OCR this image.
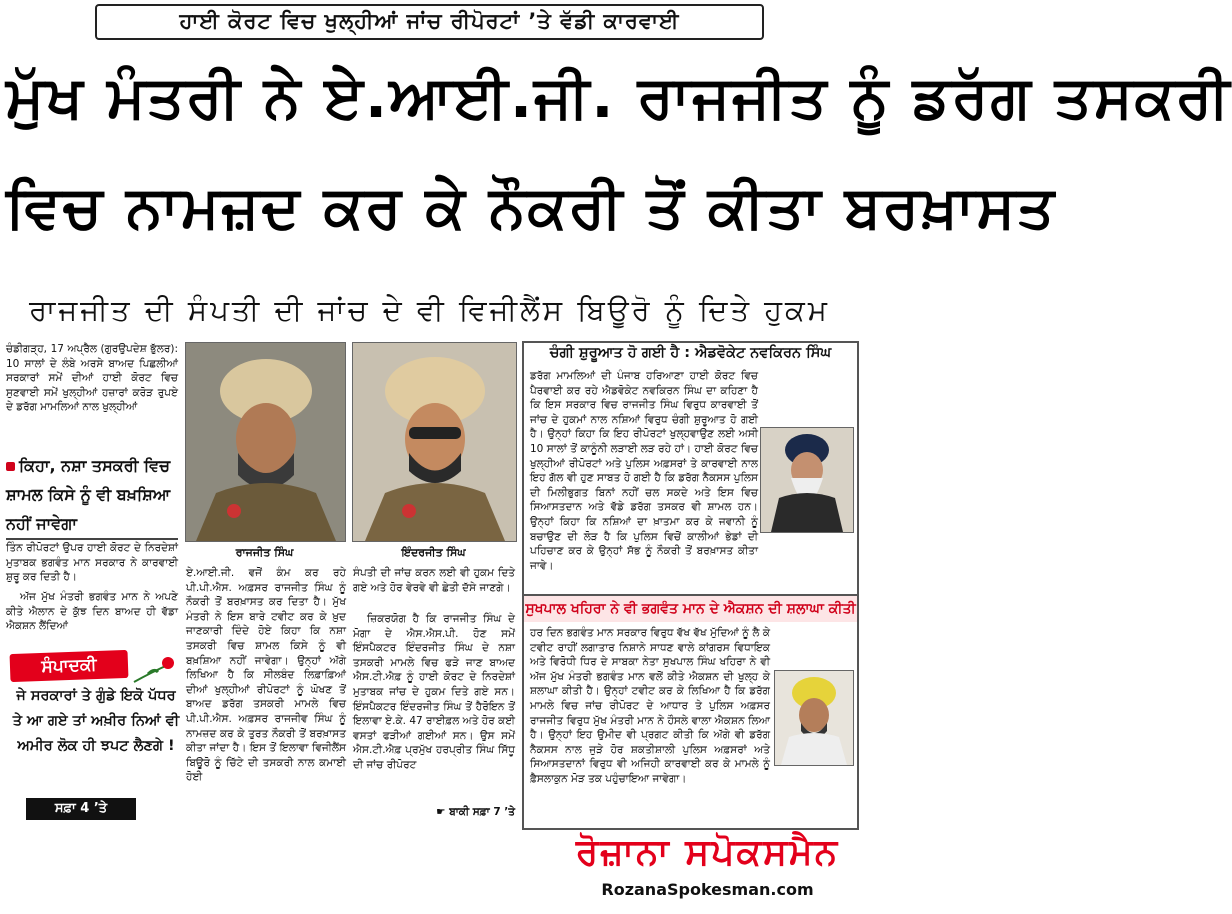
ਹਾਈ ਕੋਰਟ ਵਿਚ ਖੁਲ੍ਹੀਆਂ ਜਾਂਚ ਰੀਪੋਰਟਾਂ ’ਤੇ ਵੱਡੀ ਕਾਰਵਾਈ
ਮੁੱਖ ਮੰਤਰੀ ਨੇ ਏ.ਆਈ.ਜੀ. ਰਾਜਜੀਤ ਨੂੰ ਡਰੱਗ ਤਸਕਰੀ
ਵਿਚ ਨਾਮਜ਼ਦ ਕਰ ਕੇ ਨੌਕਰੀ ਤੋਂ ਕੀਤਾ ਬਰਖ਼ਾਸਤ
ਰਾਜਜੀਤ ਦੀ ਸੰਪਤੀ ਦੀ ਜਾਂਚ ਦੇ ਵੀ ਵਿਜੀਲੈਂਸ ਬਿਊਰੋ ਨੂੰ ਦਿਤੇ ਹੁਕਮ
ਚੰਡੀਗੜ੍ਹ, 17 ਅਪ੍ਰੈਲ (ਗੁਰਉਪਦੇਸ਼ ਭੁੱਲਰ): 10 ਸਾਲਾਂ ਦੇ ਲੰਬੇ ਅਰਸੇ ਬਾਅਦ ਪਿਛਲੀਆਂ ਸਰਕਾਰਾਂ ਸਮੇਂ ਦੀਆਂ ਹਾਈ ਕੋਰਟ ਵਿਚ ਸੁਣਵਾਈ ਸਮੇਂ ਖੁਲ੍ਹੀਆਂ ਹਜ਼ਾਰਾਂ ਕਰੋੜ ਰੁਪਏ ਦੇ ਡਰੱਗ ਮਾਮਲਿਆਂ ਨਾਲ ਖੁਲ੍ਹੀਆਂ
ਕਿਹਾ, ਨਸ਼ਾ ਤਸਕਰੀ ਵਿਚ ਸ਼ਾਮਲ ਕਿਸੇ ਨੂੰ ਵੀ ਬਖ਼ਸ਼ਿਆ ਨਹੀਂ ਜਾਵੇਗਾ
ਤਿੰਨ ਰੀਪੋਰਟਾਂ ਉਪਰ ਹਾਈ ਕੋਰਟ ਦੇ ਨਿਰਦੇਸ਼ਾਂ ਮੁਤਾਬਕ ਭਗਵੰਤ ਮਾਨ ਸਰਕਾਰ ਨੇ ਕਾਰਵਾਈ ਸ਼ੁਰੂ ਕਰ ਦਿਤੀ ਹੈ।
ਅੱਜ ਮੁੱਖ ਮੰਤਰੀ ਭਗਵੰਤ ਮਾਨ ਨੇ ਅਪਣੇ ਕੀਤੇ ਐਲਾਨ ਦੇ ਕੁੱਝ ਦਿਨ ਬਾਅਦ ਹੀ ਵੱਡਾ ਐਕਸ਼ਨ ਲੈਂਦਿਆਂ
ਸੰਪਾਦਕੀ
ਜੇ ਸਰਕਾਰਾਂ ਤੇ ਗੁੰਡੇ ਇਕੋ ਪੱਧਰ ਤੇ ਆ ਗਏ ਤਾਂ ਅਖ਼ੀਰ ਨਿਆਂ ਵੀ ਅਮੀਰ ਲੋਕ ਹੀ ਝਪਟ ਲੈਣਗੇ !
ਸਫ਼ਾ 4 ’ਤੇ
ਰਾਜਜੀਤ ਸਿੰਘ	ਇੰਦਰਜੀਤ ਸਿੰਘ
ਏ.ਆਈ.ਜੀ. ਵਜੋਂ ਕੰਮ ਕਰ ਰਹੇ ਪੀ.ਪੀ.ਐਸ. ਅਫ਼ਸਰ ਰਾਜਜੀਤ ਸਿੰਘ ਨੂੰ ਨੌਕਰੀ ਤੋਂ ਬਰਖ਼ਾਸਤ ਕਰ ਦਿਤਾ ਹੈ। ਮੁੱਖ ਮੰਤਰੀ ਨੇ ਇਸ ਬਾਰੇ ਟਵੀਟ ਕਰ ਕੇ ਖ਼ੁਦ ਜਾਣਕਾਰੀ ਦਿੰਦੇ ਹੋਏ ਕਿਹਾ ਕਿ ਨਸ਼ਾ ਤਸਕਰੀ ਵਿਚ ਸ਼ਾਮਲ ਕਿਸੇ ਨੂੰ ਵੀ ਬਖ਼ਸ਼ਿਆ ਨਹੀਂ ਜਾਵੇਗਾ। ਉਨ੍ਹਾਂ ਅੱਗੇ ਲਿਖਿਆ ਹੈ ਕਿ ਸੀਲਬੰਦ ਲਿਫ਼ਾਫ਼ਿਆਂ ਦੀਆਂ ਖੁਲ੍ਹੀਆਂ ਰੀਪੋਰਟਾਂ ਨੂੰ ਘੋਖਣ ਤੋਂ ਬਾਅਦ ਡਰੱਗ ਤਸਕਰੀ ਮਾਮਲੇ ਵਿਚ ਪੀ.ਪੀ.ਐਸ. ਅਫ਼ਸਰ ਰਾਜਜੀਵ ਸਿੰਘ ਨੂੰ ਨਾਮਜ਼ਦ ਕਰ ਕੇ ਤੁਰਤ ਨੌਕਰੀ ਤੋਂ ਬਰਖ਼ਾਸਤ ਕੀਤਾ ਜਾਂਦਾ ਹੈ। ਇਸ ਤੋਂ ਇਲਾਵਾ ਵਿਜੀਲੈਂਸ ਬਿਊਰੋ ਨੂੰ ਚਿੱਟੇ ਦੀ ਤਸਕਰੀ ਨਾਲ ਕਮਾਈ ਹੋਈ
ਸੰਪਤੀ ਦੀ ਜਾਂਚ ਕਰਨ ਲਈ ਵੀ ਹੁਕਮ ਦਿਤੇ ਗਏ ਅਤੇ ਹੋਰ ਵੇਰਵੇ ਵੀ ਛੇਤੀ ਦੱਸੇ ਜਾਣਗੇ।
ਜ਼ਿਕਰਯੋਗ ਹੈ ਕਿ ਰਾਜਜੀਤ ਸਿੰਘ ਦੇ ਮੋਗਾ ਦੇ ਐਸ.ਐਸ.ਪੀ. ਹੋਣ ਸਮੇਂ ਇੰਸਪੈਕਟਰ ਇੰਦਰਜੀਤ ਸਿੰਘ ਦੇ ਨਸ਼ਾ ਤਸਕਰੀ ਮਾਮਲੇ ਵਿਚ ਫੜੇ ਜਾਣ ਬਾਅਦ ਐਸ.ਟੀ.ਐਫ਼ ਨੂੰ ਹਾਈ ਕੋਰਟ ਦੇ ਨਿਰਦੇਸ਼ਾਂ ਮੁਤਾਬਕ ਜਾਂਚ ਦੇ ਹੁਕਮ ਦਿਤੇ ਗਏ ਸਨ। ਇੰਸਪੈਕਟਰ ਇੰਦਰਜੀਤ ਸਿੰਘ ਤੋਂ ਹੈਰੋਇਨ ਤੋਂ ਇਲਾਵਾ ਏ.ਕੇ. 47 ਰਾਈਫ਼ਲ ਅਤੇ ਹੋਰ ਕਈ ਵਸਤਾਂ ਫੜੀਆਂ ਗਈਆਂ ਸਨ। ਉਸ ਸਮੇਂ ਐਸ.ਟੀ.ਐਫ਼ ਪ੍ਰਮੁੱਖ ਹਰਪ੍ਰੀਤ ਸਿੰਘ ਸਿੱਧੂ ਦੀ ਜਾਂਚ ਰੀਪੋਰਟ
☛ ਬਾਕੀ ਸਫ਼ਾ 7 ’ਤੇ
ਚੰਗੀ ਸ਼ੁਰੂਆਤ ਹੋ ਗਈ ਹੈ : ਐਡਵੋਕੇਟ ਨਵਕਿਰਨ ਸਿੰਘ
ਡਰੱਗ ਮਾਮਲਿਆਂ ਦੀ ਪੰਜਾਬ ਹਰਿਆਣਾ ਹਾਈ ਕੋਰਟ ਵਿਚ ਪੈਰਵਾਈ ਕਰ ਰਹੇ ਐਡਵੋਕੇਟ ਨਵਕਿਰਨ ਸਿੰਘ ਦਾ ਕਹਿਣਾ ਹੈ ਕਿ ਇਸ ਸਰਕਾਰ ਵਿਚ ਰਾਜਜੀਤ ਸਿੰਘ ਵਿਰੁਧ ਕਾਰਵਾਈ ਤੋਂ ਜਾਂਚ ਦੇ ਹੁਕਮਾਂ ਨਾਲ ਨਸ਼ਿਆਂ ਵਿਰੁਧ ਚੰਗੀ ਸ਼ੁਰੂਆਤ ਹੋ ਗਈ ਹੈ। ਉਨ੍ਹਾਂ ਕਿਹਾ ਕਿ ਇਹ ਰੀਪੋਰਟਾਂ ਖੁਲ੍ਹਵਾਉਣ ਲਈ ਅਸੀ 10 ਸਾਲਾਂ ਤੋਂ ਕਾਨੂੰਨੀ ਲੜਾਈ ਲੜ ਰਹੇ ਹਾਂ। ਹਾਈ ਕੋਰਟ ਵਿਚ ਖੁਲ੍ਹੀਆਂ ਰੀਪੋਰਟਾਂ ਅਤੇ ਪੁਲਿਸ ਅਫ਼ਸਰਾਂ ਤੇ ਕਾਰਵਾਈ ਨਾਲ ਇਹ ਗੱਲ ਵੀ ਹੁਣ ਸਾਬਤ ਹੋ ਗਈ ਹੈ ਕਿ ਡਰੱਗ ਨੈਕਸਸ ਪੁਲਿਸ ਦੀ ਮਿਲੀਭੁਗਤ ਬਿਨਾਂ ਨਹੀਂ ਚਲ ਸਕਦੇ ਅਤੇ ਇਸ ਵਿਚ ਸਿਆਸਤਦਾਨ ਅਤੇ ਵੱਡੇ ਡਰੱਗ ਤਸਕਰ ਵੀ ਸ਼ਾਮਲ ਹਨ। ਉਨ੍ਹਾਂ ਕਿਹਾ ਕਿ ਨਸ਼ਿਆਂ ਦਾ ਖ਼ਾਤਮਾ ਕਰ ਕੇ ਜਵਾਨੀ ਨੂੰ ਬਚਾਉਣ ਦੀ ਲੋੜ ਹੈ ਕਿ ਪੁਲਿਸ ਵਿਚੋਂ ਕਾਲੀਆਂ ਭੇਡਾਂ ਦੀ ਪਹਿਚਾਣ ਕਰ ਕੇ ਉਨ੍ਹਾਂ ਸੱਭ ਨੂੰ ਨੌਕਰੀ ਤੋਂ ਬਰਖ਼ਾਸਤ ਕੀਤਾ ਜਾਵੇ।
ਸੁਖਪਾਲ ਖਹਿਰਾ ਨੇ ਵੀ ਭਗਵੰਤ ਮਾਨ ਦੇ ਐਕਸ਼ਨ ਦੀ ਸ਼ਲਾਘਾ ਕੀਤੀ
ਹਰ ਦਿਨ ਭਗਵੰਤ ਮਾਨ ਸਰਕਾਰ ਵਿਰੁਧ ਵੱਖ ਵੱਖ ਮੁੱਦਿਆਂ ਨੂੰ ਲੈ ਕੇ ਟਵੀਟ ਰਾਹੀਂ ਲਗਾਤਾਰ ਨਿਸ਼ਾਨੇ ਸਾਧਣ ਵਾਲੇ ਕਾਂਗਰਸ ਵਿਧਾਇਕ ਅਤੇ ਵਿਰੋਧੀ ਧਿਰ ਦੇ ਸਾਬਕਾ ਨੇਤਾ ਸੁਖਪਾਲ ਸਿੰਘ ਖਹਿਰਾ ਨੇ ਵੀ ਅੱਜ ਮੁੱਖ ਮੰਤਰੀ ਭਗਵੰਤ ਮਾਨ ਵਲੋਂ ਕੀਤੇ ਐਕਸ਼ਨ ਦੀ ਖੁਲ੍ਹ ਕੇ ਸ਼ਲਾਘਾ ਕੀਤੀ ਹੈ। ਉਨ੍ਹਾਂ ਟਵੀਟ ਕਰ ਕੇ ਲਿਖਿਆ ਹੈ ਕਿ ਡਰੱਗ ਮਾਮਲੇ ਵਿਚ ਜਾਂਚ ਰੀਪੋਰਟ ਦੇ ਆਧਾਰ ਤੇ ਪੁਲਿਸ ਅਫ਼ਸਰ ਰਾਜਜੀਤ ਵਿਰੁਧ ਮੁੱਖ ਮੰਤਰੀ ਮਾਨ ਨੇ ਹੌਸਲੇ ਵਾਲਾ ਐਕਸ਼ਨ ਲਿਆ ਹੈ। ਉਨ੍ਹਾਂ ਇਹ ਉਮੀਦ ਵੀ ਪ੍ਰਗਟ ਕੀਤੀ ਕਿ ਅੱਗੇ ਵੀ ਡਰੱਗ ਨੈਕਸਸ ਨਾਲ ਜੁੜੇ ਹੋਰ ਸ਼ਕਤੀਸ਼ਾਲੀ ਪੁਲਿਸ ਅਫ਼ਸਰਾਂ ਅਤੇ ਸਿਆਸਤਦਾਨਾਂ ਵਿਰੁਧ ਵੀ ਅਜਿਹੀ ਕਾਰਵਾਈ ਕਰ ਕੇ ਮਾਮਲੇ ਨੂੰ ਫ਼ੈਸਲਾਕੁਨ ਮੋੜ ਤਕ ਪਹੁੰਚਾਇਆ ਜਾਵੇਗਾ।
ਰੋਜ਼ਾਨਾ ਸਪੋਕਸਮੈਨ
RozanaSpokesman.com
